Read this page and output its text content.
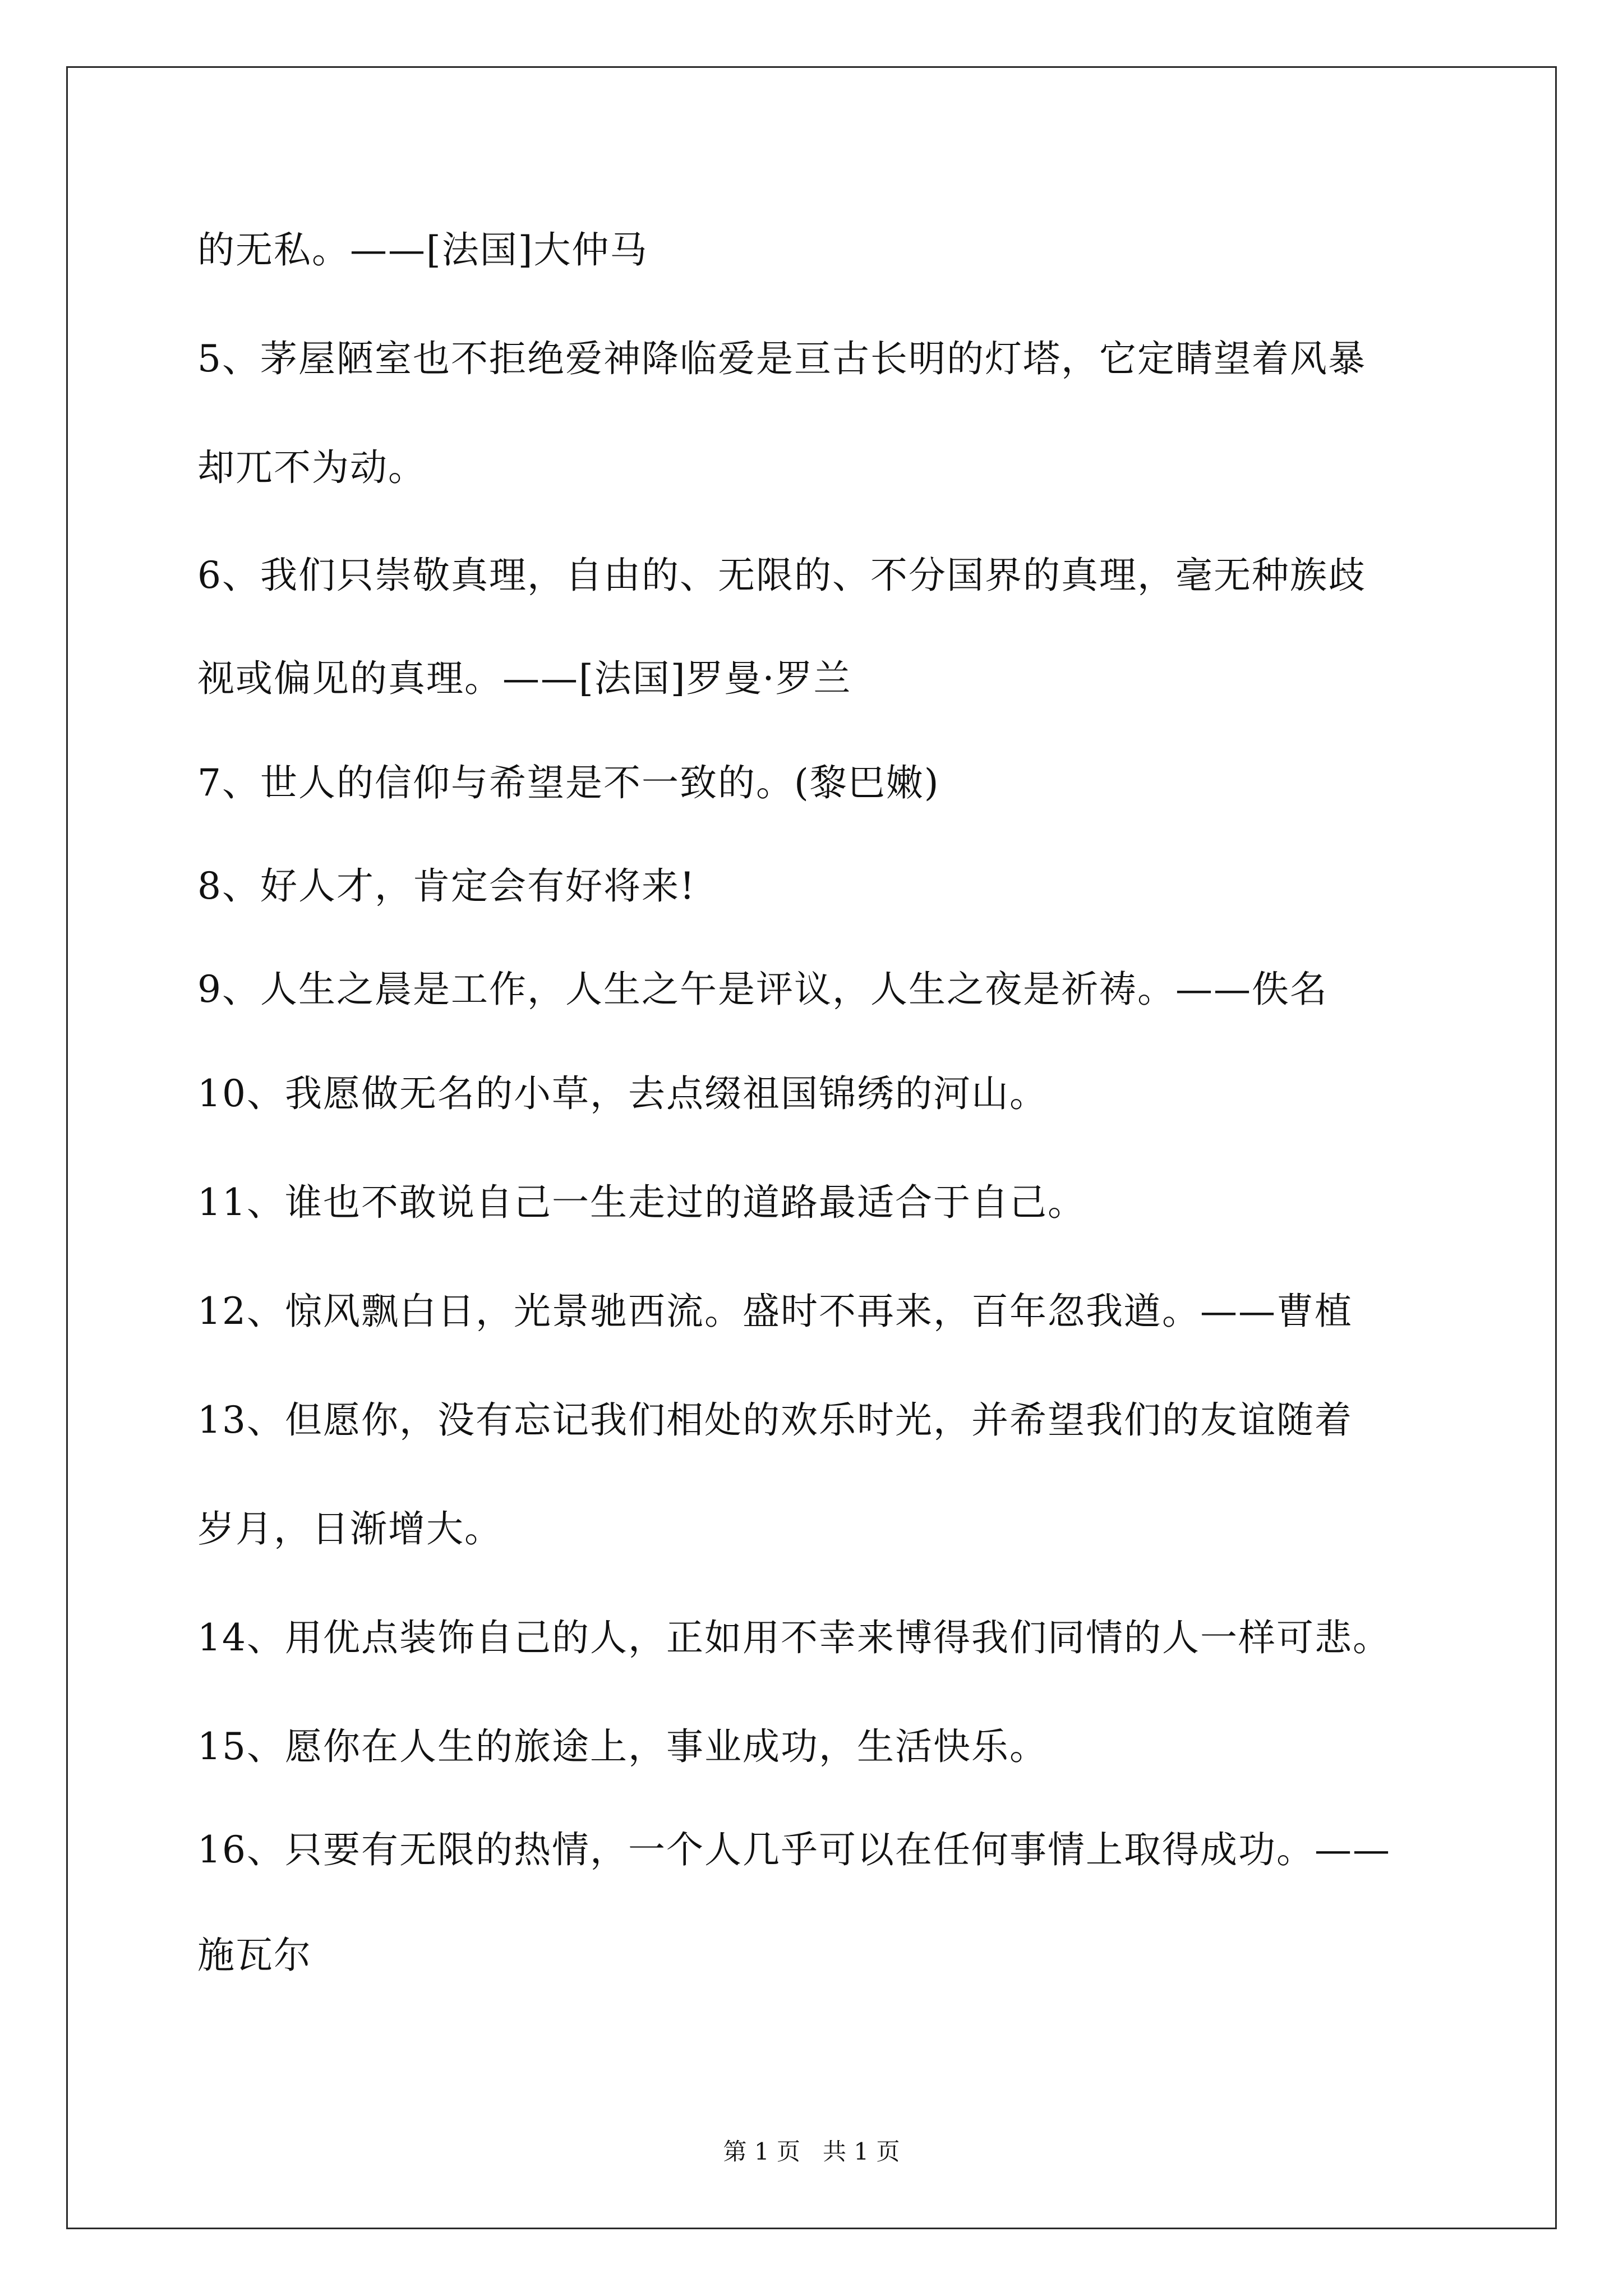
的无私。——[法国]大仲马
5、茅屋陋室也不拒绝爱神降临爱是亘古长明的灯塔，它定睛望着风暴
却兀不为动。
6、我们只崇敬真理，自由的、无限的、不分国界的真理，毫无种族歧
视或偏见的真理。——[法国]罗曼·罗兰
7、世人的信仰与希望是不一致的。(黎巴嫩)
8、好人才，肯定会有好将来!
9、人生之晨是工作，人生之午是评议，人生之夜是祈祷。——佚名
10、我愿做无名的小草，去点缀祖国锦绣的河山。
11、谁也不敢说自己一生走过的道路最适合于自己。
12、惊风飘白日，光景驰西流。盛时不再来，百年忽我遒。——曹植
13、但愿你，没有忘记我们相处的欢乐时光，并希望我们的友谊随着
岁月，日渐增大。
14、用优点装饰自己的人，正如用不幸来博得我们同情的人一样可悲。
15、愿你在人生的旅途上，事业成功，生活快乐。
16、只要有无限的热情，一个人几乎可以在任何事情上取得成功。——
施瓦尔
第 1 页   共 1 页
